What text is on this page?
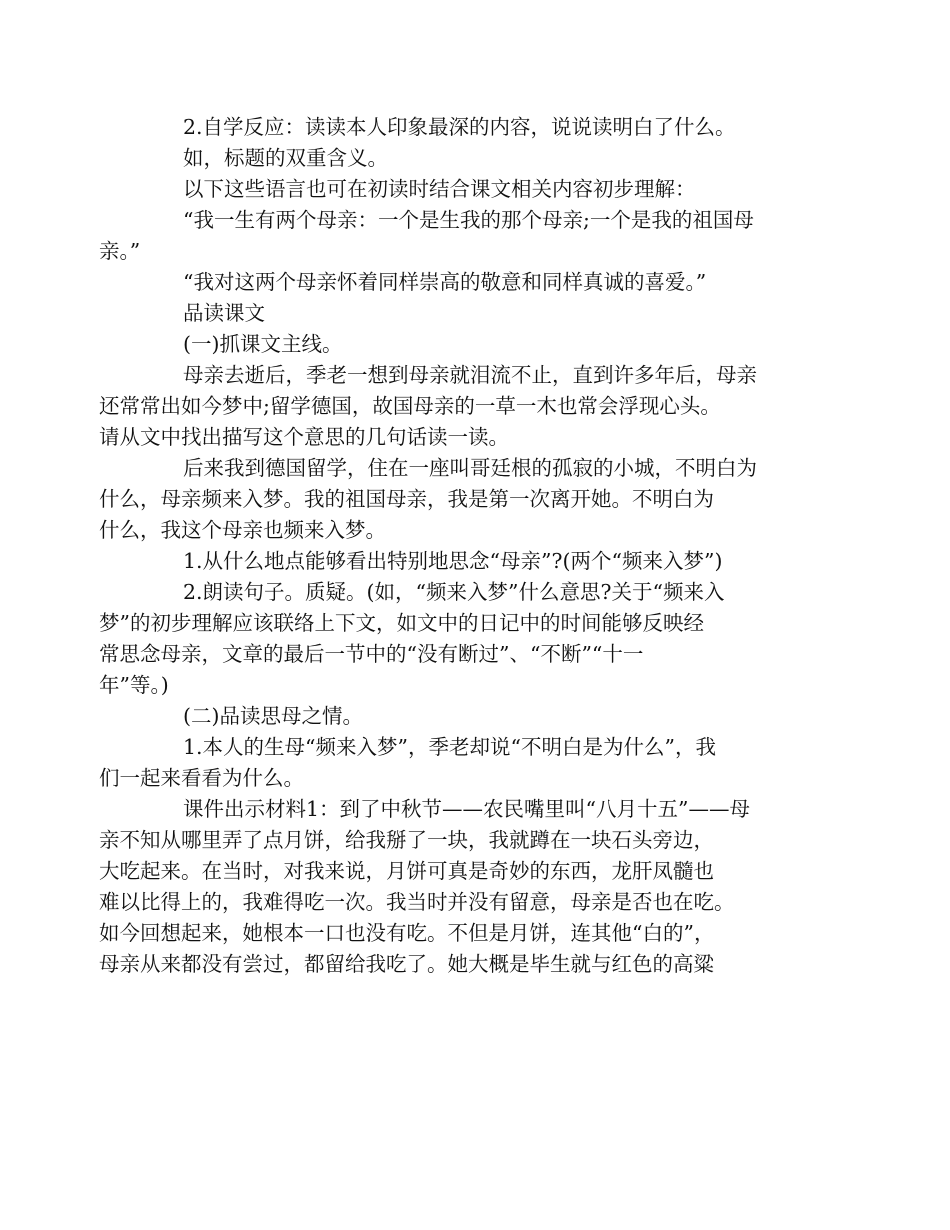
2.自学反应：读读本人印象最深的内容，说说读明白了什么。
如，标题的双重含义。
以下这些语言也可在初读时结合课文相关内容初步理解：
“我一生有两个母亲：一个是生我的那个母亲;一个是我的祖国母
亲。”
“我对这两个母亲怀着同样崇高的敬意和同样真诚的喜爱。”
品读课文
(一)抓课文主线。
母亲去逝后，季老一想到母亲就泪流不止，直到许多年后，母亲
还常常出如今梦中;留学德国，故国母亲的一草一木也常会浮现心头。
请从文中找出描写这个意思的几句话读一读。
后来我到德国留学，住在一座叫哥廷根的孤寂的小城，不明白为
什么，母亲频来入梦。我的祖国母亲，我是第一次离开她。不明白为
什么，我这个母亲也频来入梦。
1.从什么地点能够看出特别地思念“母亲”?(两个“频来入梦”)
2.朗读句子。质疑。(如，“频来入梦”什么意思?关于“频来入
梦”的初步理解应该联络上下文，如文中的日记中的时间能够反映经
常思念母亲，文章的最后一节中的“没有断过”、“不断”“十一
年”等。)
(二)品读思母之情。
1.本人的生母“频来入梦”，季老却说“不明白是为什么”，我
们一起来看看为什么。
课件出示材料1：到了中秋节——农民嘴里叫“八月十五”——母
亲不知从哪里弄了点月饼，给我掰了一块，我就蹲在一块石头旁边，
大吃起来。在当时，对我来说，月饼可真是奇妙的东西，龙肝凤髓也
难以比得上的，我难得吃一次。我当时并没有留意，母亲是否也在吃。
如今回想起来，她根本一口也没有吃。不但是月饼，连其他“白的”，
母亲从来都没有尝过，都留给我吃了。她大概是毕生就与红色的高粱
